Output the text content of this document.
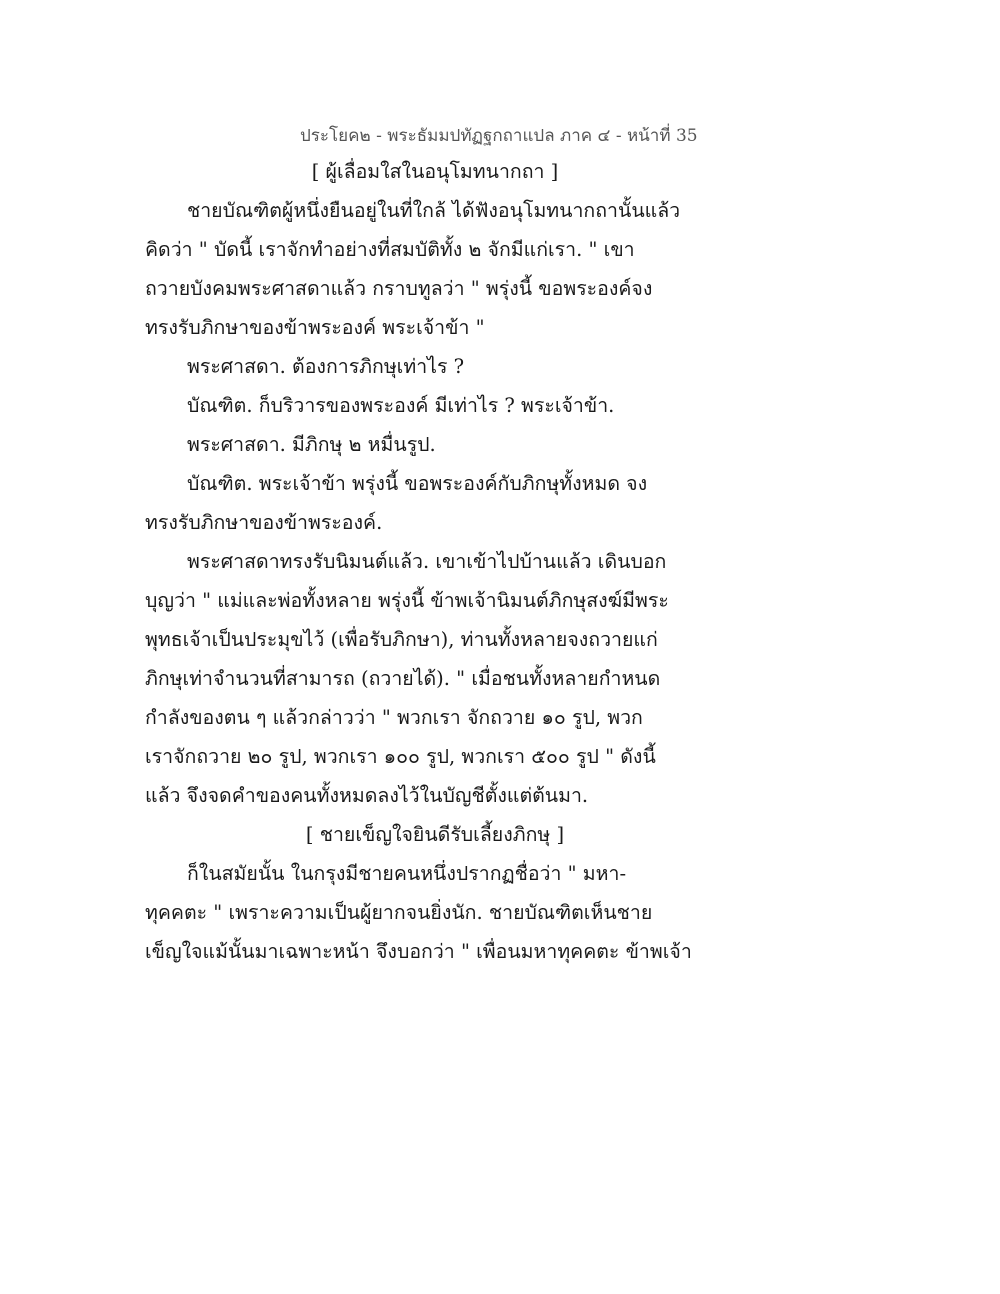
ประโยค๒ - พระธัมมปทัฏฐกถาแปล ภาค ๔ - หน้าที่ 35
[ ผู้เลื่อมใสในอนุโมทนากถา ]
ชายบัณฑิตผู้หนึ่งยืนอยู่ในที่ใกล้ ได้ฟังอนุโมทนากถานั้นแล้ว
คิดว่า " บัดนี้ เราจักทำอย่างที่สมบัติทั้ง ๒ จักมีแก่เรา. " เขา
ถวายบังคมพระศาสดาแล้ว กราบทูลว่า " พรุ่งนี้ ขอพระองค์จง
ทรงรับภิกษาของข้าพระองค์ พระเจ้าข้า "
พระศาสดา. ต้องการภิกษุเท่าไร ?
บัณฑิต. ก็บริวารของพระองค์ มีเท่าไร ? พระเจ้าข้า.
พระศาสดา. มีภิกษุ ๒ หมื่นรูป.
บัณฑิต. พระเจ้าข้า พรุ่งนี้ ขอพระองค์กับภิกษุทั้งหมด จง
ทรงรับภิกษาของข้าพระองค์.
พระศาสดาทรงรับนิมนต์แล้ว. เขาเข้าไปบ้านแล้ว เดินบอก
บุญว่า " แม่และพ่อทั้งหลาย พรุ่งนี้ ข้าพเจ้านิมนต์ภิกษุสงฆ์มีพระ
พุทธเจ้าเป็นประมุขไว้ (เพื่อรับภิกษา), ท่านทั้งหลายจงถวายแก่
ภิกษุเท่าจำนวนที่สามารถ (ถวายได้). " เมื่อชนทั้งหลายกำหนด
กำลังของตน ๆ แล้วกล่าวว่า " พวกเรา จักถวาย ๑๐ รูป, พวก
เราจักถวาย ๒๐ รูป, พวกเรา ๑๐๐ รูป, พวกเรา ๕๐๐ รูป " ดังนี้
แล้ว จึงจดคำของคนทั้งหมดลงไว้ในบัญชีตั้งแต่ต้นมา.
[ ชายเข็ญใจยินดีรับเลี้ยงภิกษุ ]
ก็ในสมัยนั้น ในกรุงมีชายคนหนึ่งปรากฏชื่อว่า " มหา-
ทุคคตะ " เพราะความเป็นผู้ยากจนยิ่งนัก. ชายบัณฑิตเห็นชาย
เข็ญใจแม้นั้นมาเฉพาะหน้า จึงบอกว่า " เพื่อนมหาทุคคตะ ข้าพเจ้า
